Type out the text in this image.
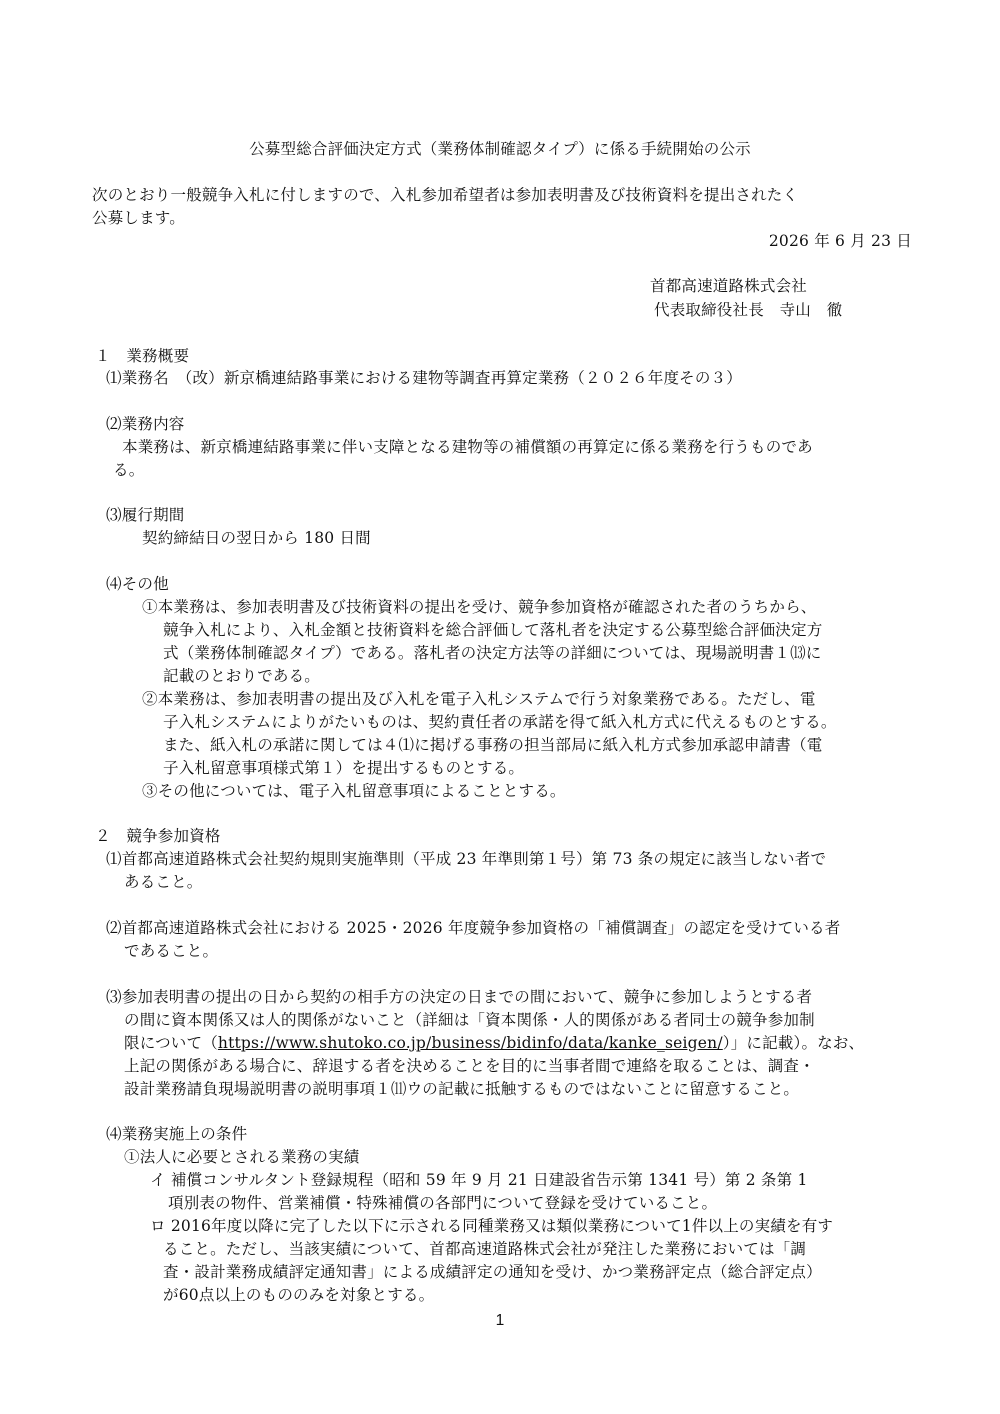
公募型総合評価決定方式（業務体制確認タイプ）に係る手続開始の公示
次のとおり一般競争入札に付しますので、入札参加希望者は参加表明書及び技術資料を提出されたく
公募します。
2026 年 6 月 23 日
首都高速道路株式会社
代表取締役社長　寺山　徹
１　業務概要
⑴業務名　（改）新京橋連結路事業における建物等調査再算定業務（２０２６年度その３）
⑵業務内容
本業務は、新京橋連結路事業に伴い支障となる建物等の補償額の再算定に係る業務を行うものであ
る。
⑶履行期間
契約締結日の翌日から 180 日間
⑷その他
①本業務は、参加表明書及び技術資料の提出を受け、競争参加資格が確認された者のうちから、
競争入札により、入札金額と技術資料を総合評価して落札者を決定する公募型総合評価決定方
式（業務体制確認タイプ）である。落札者の決定方法等の詳細については、現場説明書１⒀に
記載のとおりである。
②本業務は、参加表明書の提出及び入札を電子入札システムで行う対象業務である。ただし、電
子入札システムによりがたいものは、契約責任者の承諾を得て紙入札方式に代えるものとする。
また、紙入札の承諾に関しては４⑴に掲げる事務の担当部局に紙入札方式参加承認申請書（電
子入札留意事項様式第１）を提出するものとする。
③その他については、電子入札留意事項によることとする。
２　競争参加資格
⑴首都高速道路株式会社契約規則実施準則（平成 23 年準則第１号）第 73 条の規定に該当しない者で
あること。
⑵首都高速道路株式会社における 2025・2026 年度競争参加資格の「補償調査」の認定を受けている者
であること。
⑶参加表明書の提出の日から契約の相手方の決定の日までの間において、競争に参加しようとする者
の間に資本関係又は人的関係がないこと（詳細は「資本関係・人的関係がある者同士の競争参加制
限について（https://www.shutoko.co.jp/business/bidinfo/data/kanke_seigen/）」に記載）。なお、
上記の関係がある場合に、辞退する者を決めることを目的に当事者間で連絡を取ることは、調査・
設計業務請負現場説明書の説明事項１⑾ウの記載に抵触するものではないことに留意すること。
⑷業務実施上の条件
①法人に必要とされる業務の実績
イ 補償コンサルタント登録規程（昭和 59 年 9 月 21 日建設省告示第 1341 号）第 2 条第 1
項別表の物件、営業補償・特殊補償の各部門について登録を受けていること。
ロ 2016年度以降に完了した以下に示される同種業務又は類似業務について1件以上の実績を有す
ること。ただし、当該実績について、首都高速道路株式会社が発注した業務においては「調
査・設計業務成績評定通知書」による成績評定の通知を受け、かつ業務評定点（総合評定点）
が60点以上のもののみを対象とする。
1
